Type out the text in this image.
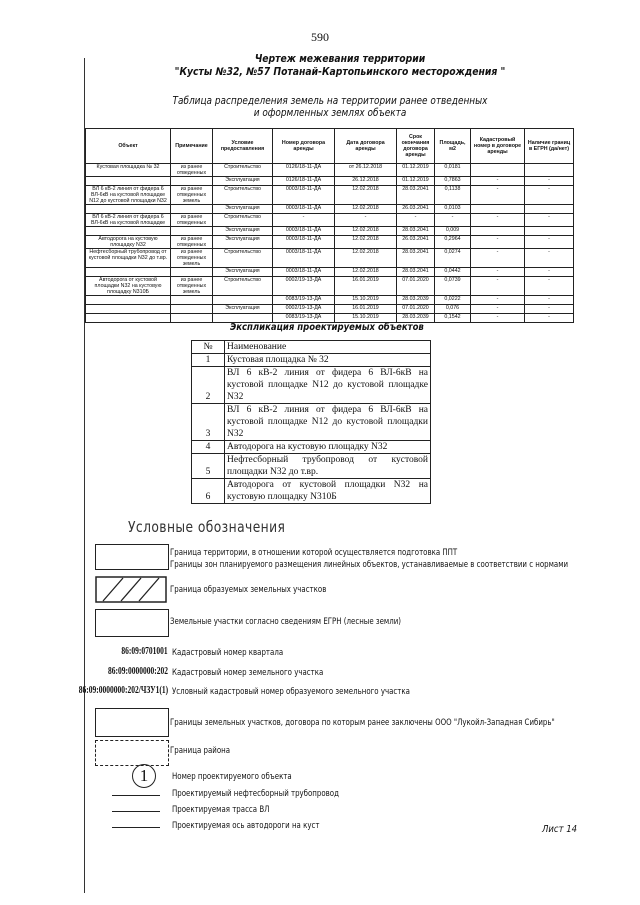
590
Чертеж межевания территории
"Кусты №32, №57 Потанай-Картопьинского месторождения "
Таблица распределения земель на территории ранее отведенных
и оформленных землях объекта
Объект	Примечание	Условие предоставления	Номер договора аренды	Дата договора аренды	Срок окончания договора аренды	Площадь, м2	Кадастровый номер в договоре аренды	Наличие границ в ЕГРН (да/нет)
Кустовая площадка № 32	из ранее отведенных	Строительство	0126/18-11-ДА	от 26.12.2018	01.12.2019	0,0181		
		Эксплуатация	0126/18-11-ДА	26.12.2018	01.12.2019	0,7863	-	-
ВЛ 6 кВ-2 линия от фидера 6 ВЛ-6кВ на кустовой площадке N12 до кустовой площадки N32	из ранее отведенных земель	Строительство	0003/18-11-ДА	12.02.2018	28.03.2041	0,1138	-	-
		Эксплуатация	0003/18-11-ДА	12.02.2018	26.03.2041	0,0103		
ВЛ 6 кВ-2 линия от фидера 6 ВЛ-6кВ на кустовой площадке	из ранее отведенных	Строительство	-	-	-	-	-	-
		Эксплуатация	0003/18-11-ДА	12.02.2018	28.03.2041	0,009		
Автодорога на кустовую площадку N32	из ранее отведенных	Эксплуатация	0003/18-11-ДА	12.02.2018	26.03.2041	0,2964	-	-
Нефтесборный трубопровод от кустовой площадки N32 до т.вр.	из ранее отведенных земель	Строительство	0003/18-11-ДА	12.02.2018	28.03.2041	0,0274	-	-
		Эксплуатация	0003/18-11-ДА	12.02.2018	28.03.2041	0,0442	-	-
Автодорога от кустовой площадки N32 на кустовую площадку N310Б	из ранее отведенных земель	Строительство	0002/19-13-ДА	16.01.2019	07.01.2020	0,0739	-	-
			0083/19-13-ДА	15.10.2019	28.03.2039	0,0222	-	-
		Эксплуатация	0002/19-13-ДА	16.01.2019	07.01.2020	0,076	-	-
			0083/19-13-ДА	15.10.2019	28.03.2039	0,1542	-	-
Экспликация проектируемых объектов
№	Наименование
1	Кустовая площадка № 32
2	ВЛ 6 кВ-2 линия от фидера 6 ВЛ-6кВ на кустовой площадке N12 до кустовой площадке N32
3	ВЛ 6 кВ-2 линия от фидера 6 ВЛ-6кВ на кустовой площадке N12 до кустовой площадки N32
4	Автодорога на кустовую площадку N32
5	Нефтесборный трубопровод от кустовой площадки N32 до т.вр.
6	Автодорога от кустовой площадки N32 на кустовую площадку N310Б
Условные обозначения
Граница территории, в отношении которой осуществляется подготовка ППТ
Границы зон планируемого размещения линейных объектов, устанавливаемые в соответствии с нормами
Граница образуемых земельных участков
Земельные участки согласно сведениям ЕГРН (лесные земли)
86:09:0701001 Кадастровый номер квартала
86:09:0000000:202 Кадастровый номер земельного участка
86:09:0000000:202/ЧЗУ1(1) Условный кадастровый номер образуемого земельного участка
Границы земельных участков, договора по которым ранее заключены ООО "Лукойл-Западная Сибирь"
Граница района
1	Номер проектируемого объекта
Проектируемый нефтесборный трубопровод
Проектируемая трасса ВЛ
Проектируемая ось автодороги на куст	Лист 14
